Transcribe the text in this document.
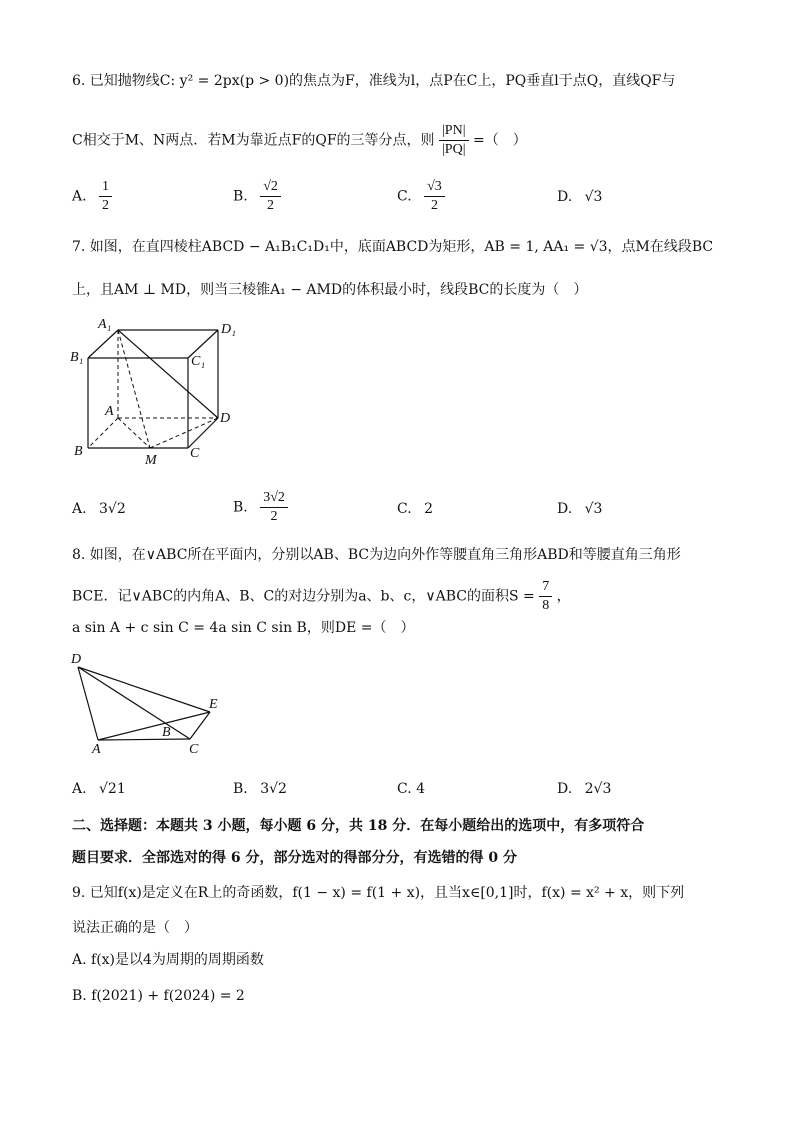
6. 已知抛物线C: y² = 2px(p > 0)的焦点为F，准线为l，点P在C上，PQ垂直l于点Q，直线QF与
C相交于M、N两点．若M为靠近点F的QF的三等分点，则 $\frac{|PN|}{|PQ|}$ =（　）
A. $\frac{1}{2}$	B. $\frac{√2}{2}$	C. $\frac{√3}{2}$	D. √3
7. 如图，在直四棱柱ABCD − A₁B₁C₁D₁中，底面ABCD为矩形，AB = 1, AA₁ = √3，点M在线段BC
上，且AM ⊥ MD，则当三棱锥A₁ − AMD的体积最小时，线段BC的长度为（　）
A₁	D₁
B₁	C₁
A	D
B	C
M
A. 3√2	B. $\frac{3√2}{2}$	C. 2	D. √3
8. 如图，在∨ABC所在平面内，分别以AB、BC为边向外作等腰直角三角形ABD和等腰直角三角形
BCE．记∨ABC的内角A、B、C的对边分别为a、b、c，∨ABC的面积$S = \frac{7}{8}$ ，
a sin A + c sin C = 4a sin C sin B，则DE =（　）
D
E
B
A	C
A. √21	B. 3√2	C. 4	D. 2√3
二、选择题：本题共 3 小题，每小题 6 分，共 18 分．在每小题给出的选项中，有多项符合
题目要求．全部选对的得 6 分，部分选对的得部分分，有选错的得 0 分
9. 已知f(x)是定义在R上的奇函数，f(1 − x) = f(1 + x)，且当x∈[0,1]时，f(x) = x² + x，则下列
说法正确的是（　）
A. f(x)是以4为周期的周期函数
B. f(2021) + f(2024) = 2
